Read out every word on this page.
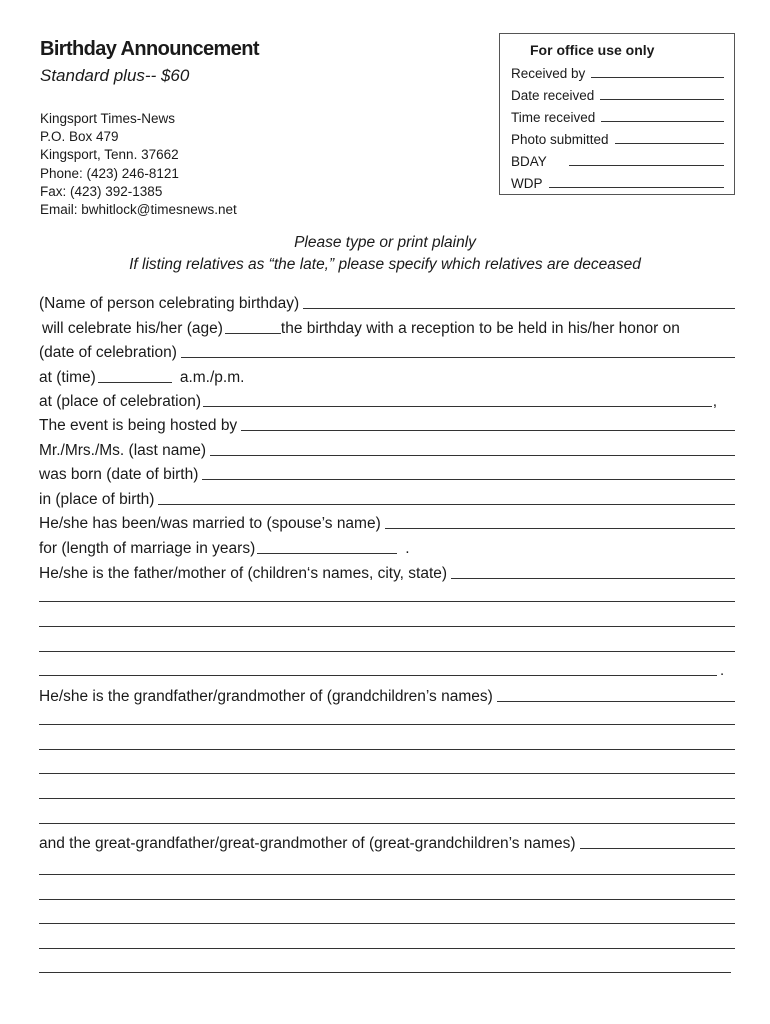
Birthday Announcement
Standard plus-- $60
Kingsport Times-News
P.O. Box 479
Kingsport, Tenn. 37662
Phone: (423) 246-8121
Fax: (423) 392-1385
Email: bwhitlock@timesnews.net
For office use only
Received by
Date received
Time received
Photo submitted
BDAY
WDP
Please type or print plainly
If listing relatives as “the late,” please specify which relatives are deceased
(Name of person celebrating birthday)
will celebrate his/her (age)	the birthday with a reception to be held in his/her honor on
(date of celebration)
at (time)	a.m./p.m.
at (place of celebration)	,
The event is being hosted by
Mr./Mrs./Ms. (last name)
was born (date of birth)
in (place of birth)
He/she has been/was married to (spouse’s name)
for (length of marriage in years)	.
He/she is the father/mother of (children‘s names, city, state)
.
He/she is the grandfather/grandmother of (grandchildren’s names)
and the great-grandfather/great-grandmother of (great-grandchildren’s names)
